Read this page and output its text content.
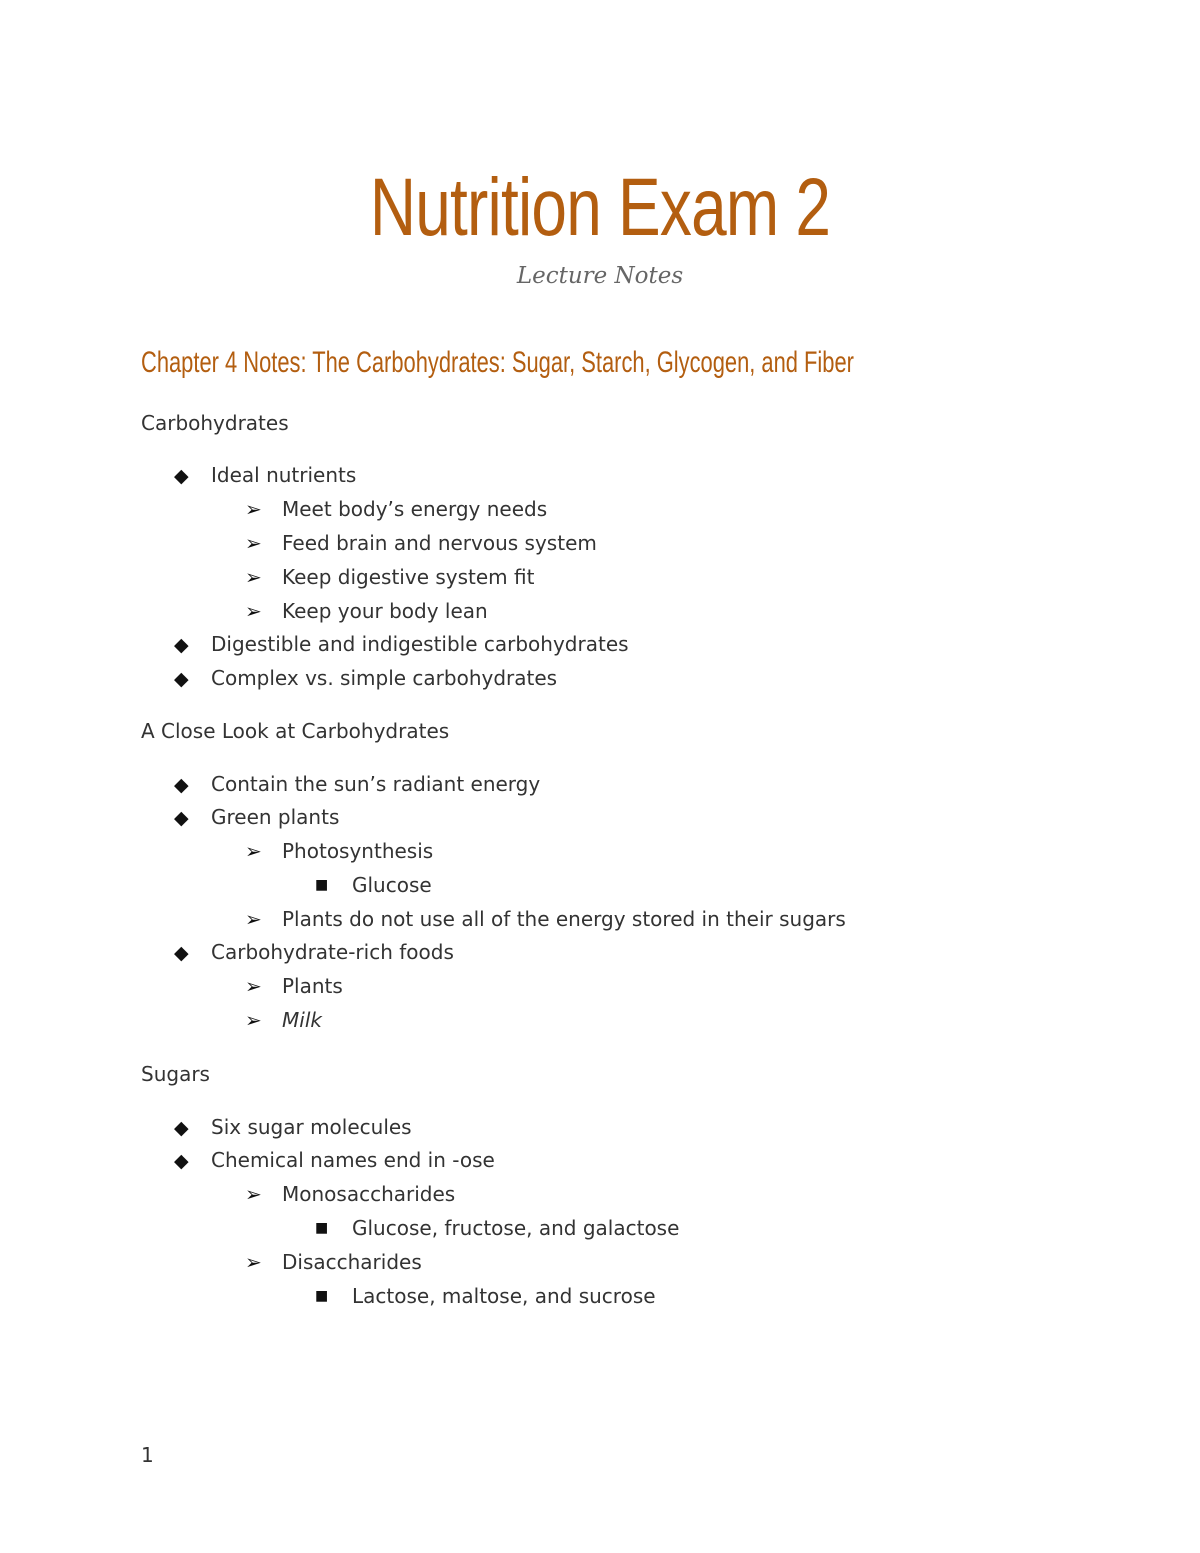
Nutrition Exam 2
Lecture Notes
Chapter 4 Notes: The Carbohydrates: Sugar, Starch, Glycogen, and Fiber
Carbohydrates
◆ Ideal nutrients
➢ Meet body’s energy needs
➢ Feed brain and nervous system
➢ Keep digestive system fit
➢ Keep your body lean
◆ Digestible and indigestible carbohydrates
◆ Complex vs. simple carbohydrates
A Close Look at Carbohydrates
◆ Contain the sun’s radiant energy
◆ Green plants
➢ Photosynthesis
■ Glucose
➢ Plants do not use all of the energy stored in their sugars
◆ Carbohydrate-rich foods
➢ Plants
➢ Milk
Sugars
◆ Six sugar molecules
◆ Chemical names end in -ose
➢ Monosaccharides
■ Glucose, fructose, and galactose
➢ Disaccharides
■ Lactose, maltose, and sucrose
1
